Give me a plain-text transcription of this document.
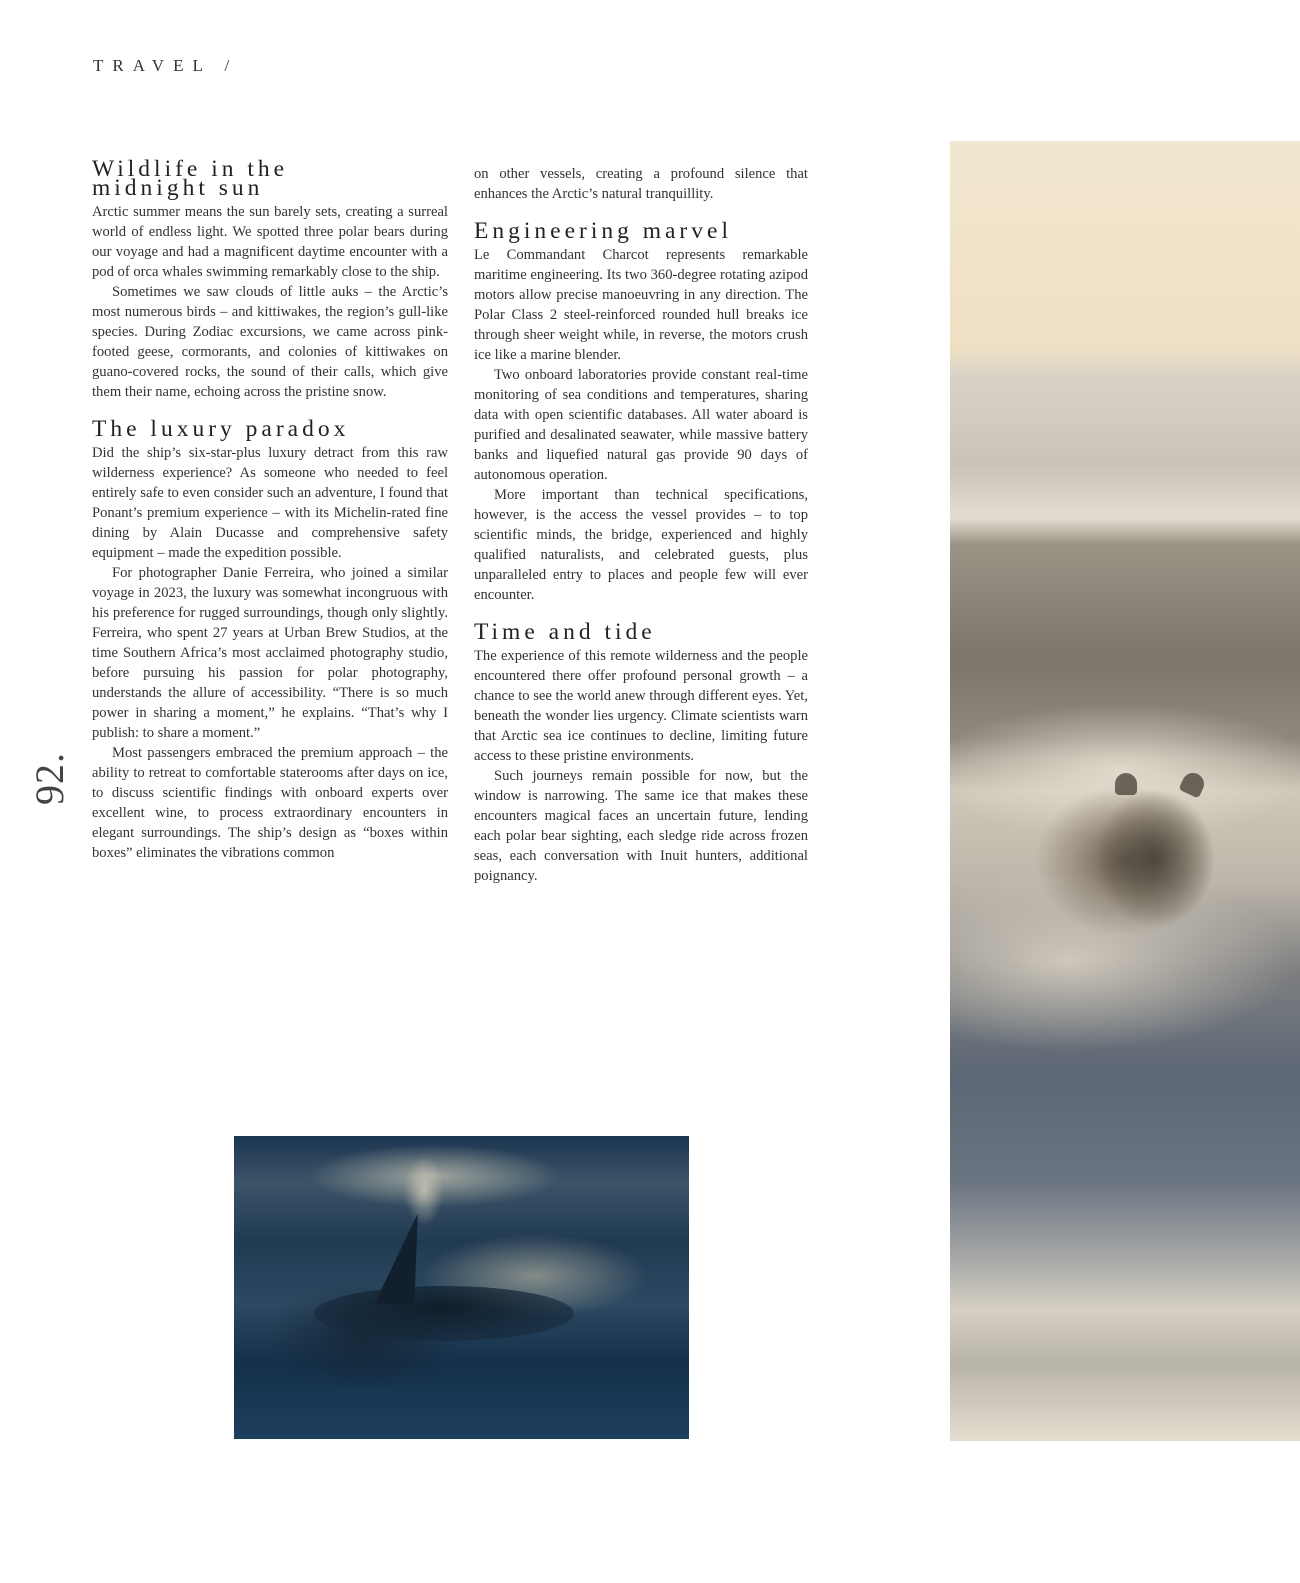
TRAVEL /
92.
Wildlife in the
midnight sun

Arctic summer means the sun barely sets, creating a surreal world of endless light. We spotted three polar bears during our voyage and had a magnificent daytime encounter with a pod of orca whales swimming remarkably close to the ship.

Sometimes we saw clouds of little auks – the Arctic’s most numerous birds – and kittiwakes, the region’s gull-like species. During Zodiac excursions, we came across pink-footed geese, cormorants, and colonies of kittiwakes on guano-covered rocks, the sound of their calls, which give them their name, echoing across the pristine snow.

The luxury paradox

Did the ship’s six-star-plus luxury detract from this raw wilderness experience? As someone who needed to feel entirely safe to even consider such an adventure, I found that Ponant’s premium experience – with its Michelin-rated fine dining by Alain Ducasse and comprehensive safety equipment – made the expedition possible.

For photographer Danie Ferreira, who joined a similar voyage in 2023, the luxury was somewhat incongruous with his preference for rugged surroundings, though only slightly. Ferreira, who spent 27 years at Urban Brew Studios, at the time Southern Africa’s most acclaimed photography studio, before pursuing his passion for polar photography, understands the allure of accessibility. “There is so much power in sharing a moment,” he explains. “That’s why I publish: to share a moment.”

Most passengers embraced the premium approach – the ability to retreat to comfortable staterooms after days on ice, to discuss scientific findings with onboard experts over excellent wine, to process extraordinary encounters in elegant surroundings. The ship’s design as “boxes within boxes” eliminates the vibrations common

on other vessels, creating a profound silence that enhances the Arctic’s natural tranquillity.

Engineering marvel

Le Commandant Charcot represents remarkable maritime engineering. Its two 360-degree rotating azipod motors allow precise manoeuvring in any direction. The Polar Class 2 steel-reinforced rounded hull breaks ice through sheer weight while, in reverse, the motors crush ice like a marine blender.

Two onboard laboratories provide constant real-time monitoring of sea conditions and temperatures, sharing data with open scientific databases. All water aboard is purified and desalinated seawater, while massive battery banks and liquefied natural gas provide 90 days of autonomous operation.

More important than technical specifications, however, is the access the vessel provides – to top scientific minds, the bridge, experienced and highly qualified naturalists, and celebrated guests, plus unparalleled entry to places and people few will ever encounter.

Time and tide

The experience of this remote wilderness and the people encountered there offer profound personal growth – a chance to see the world anew through different eyes. Yet, beneath the wonder lies urgency. Climate scientists warn that Arctic sea ice continues to decline, limiting future access to these pristine environments.

Such journeys remain possible for now, but the window is narrowing. The same ice that makes these encounters magical faces an uncertain future, lending each polar bear sighting, each sledge ride across frozen seas, each conversation with Inuit hunters, additional poignancy.
